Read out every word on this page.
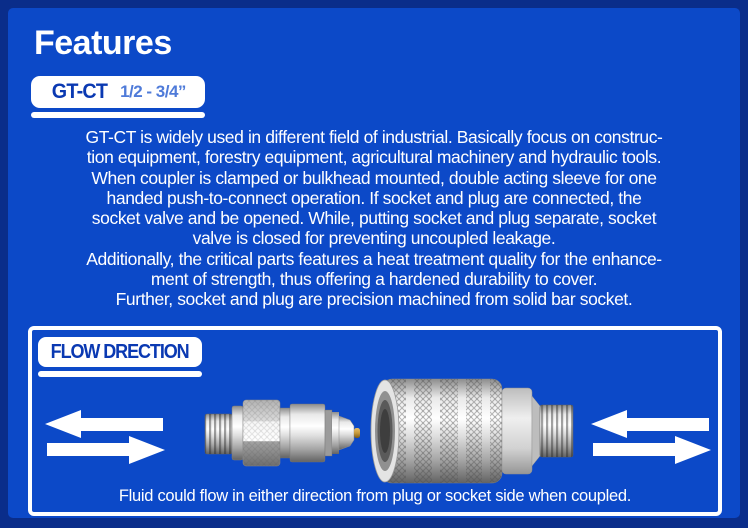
Features
GT-CT 1/2 - 3/4”
GT-CT is widely used in different field of industrial. Basically focus on construc-
tion equipment, forestry equipment, agricultural machinery and hydraulic tools.
When coupler is clamped or bulkhead mounted, double acting sleeve for one
handed push-to-connect operation. If socket and plug are connected, the
socket valve and be opened. While, putting socket and plug separate, socket
valve is closed for preventing uncoupled leakage.
Additionally, the critical parts features a heat treatment quality for the enhance-
ment of strength, thus offering a hardened durability to cover.
Further, socket and plug are precision machined from solid bar socket.
FLOW DRECTION
Fluid could flow in either direction from plug or socket side when coupled.
